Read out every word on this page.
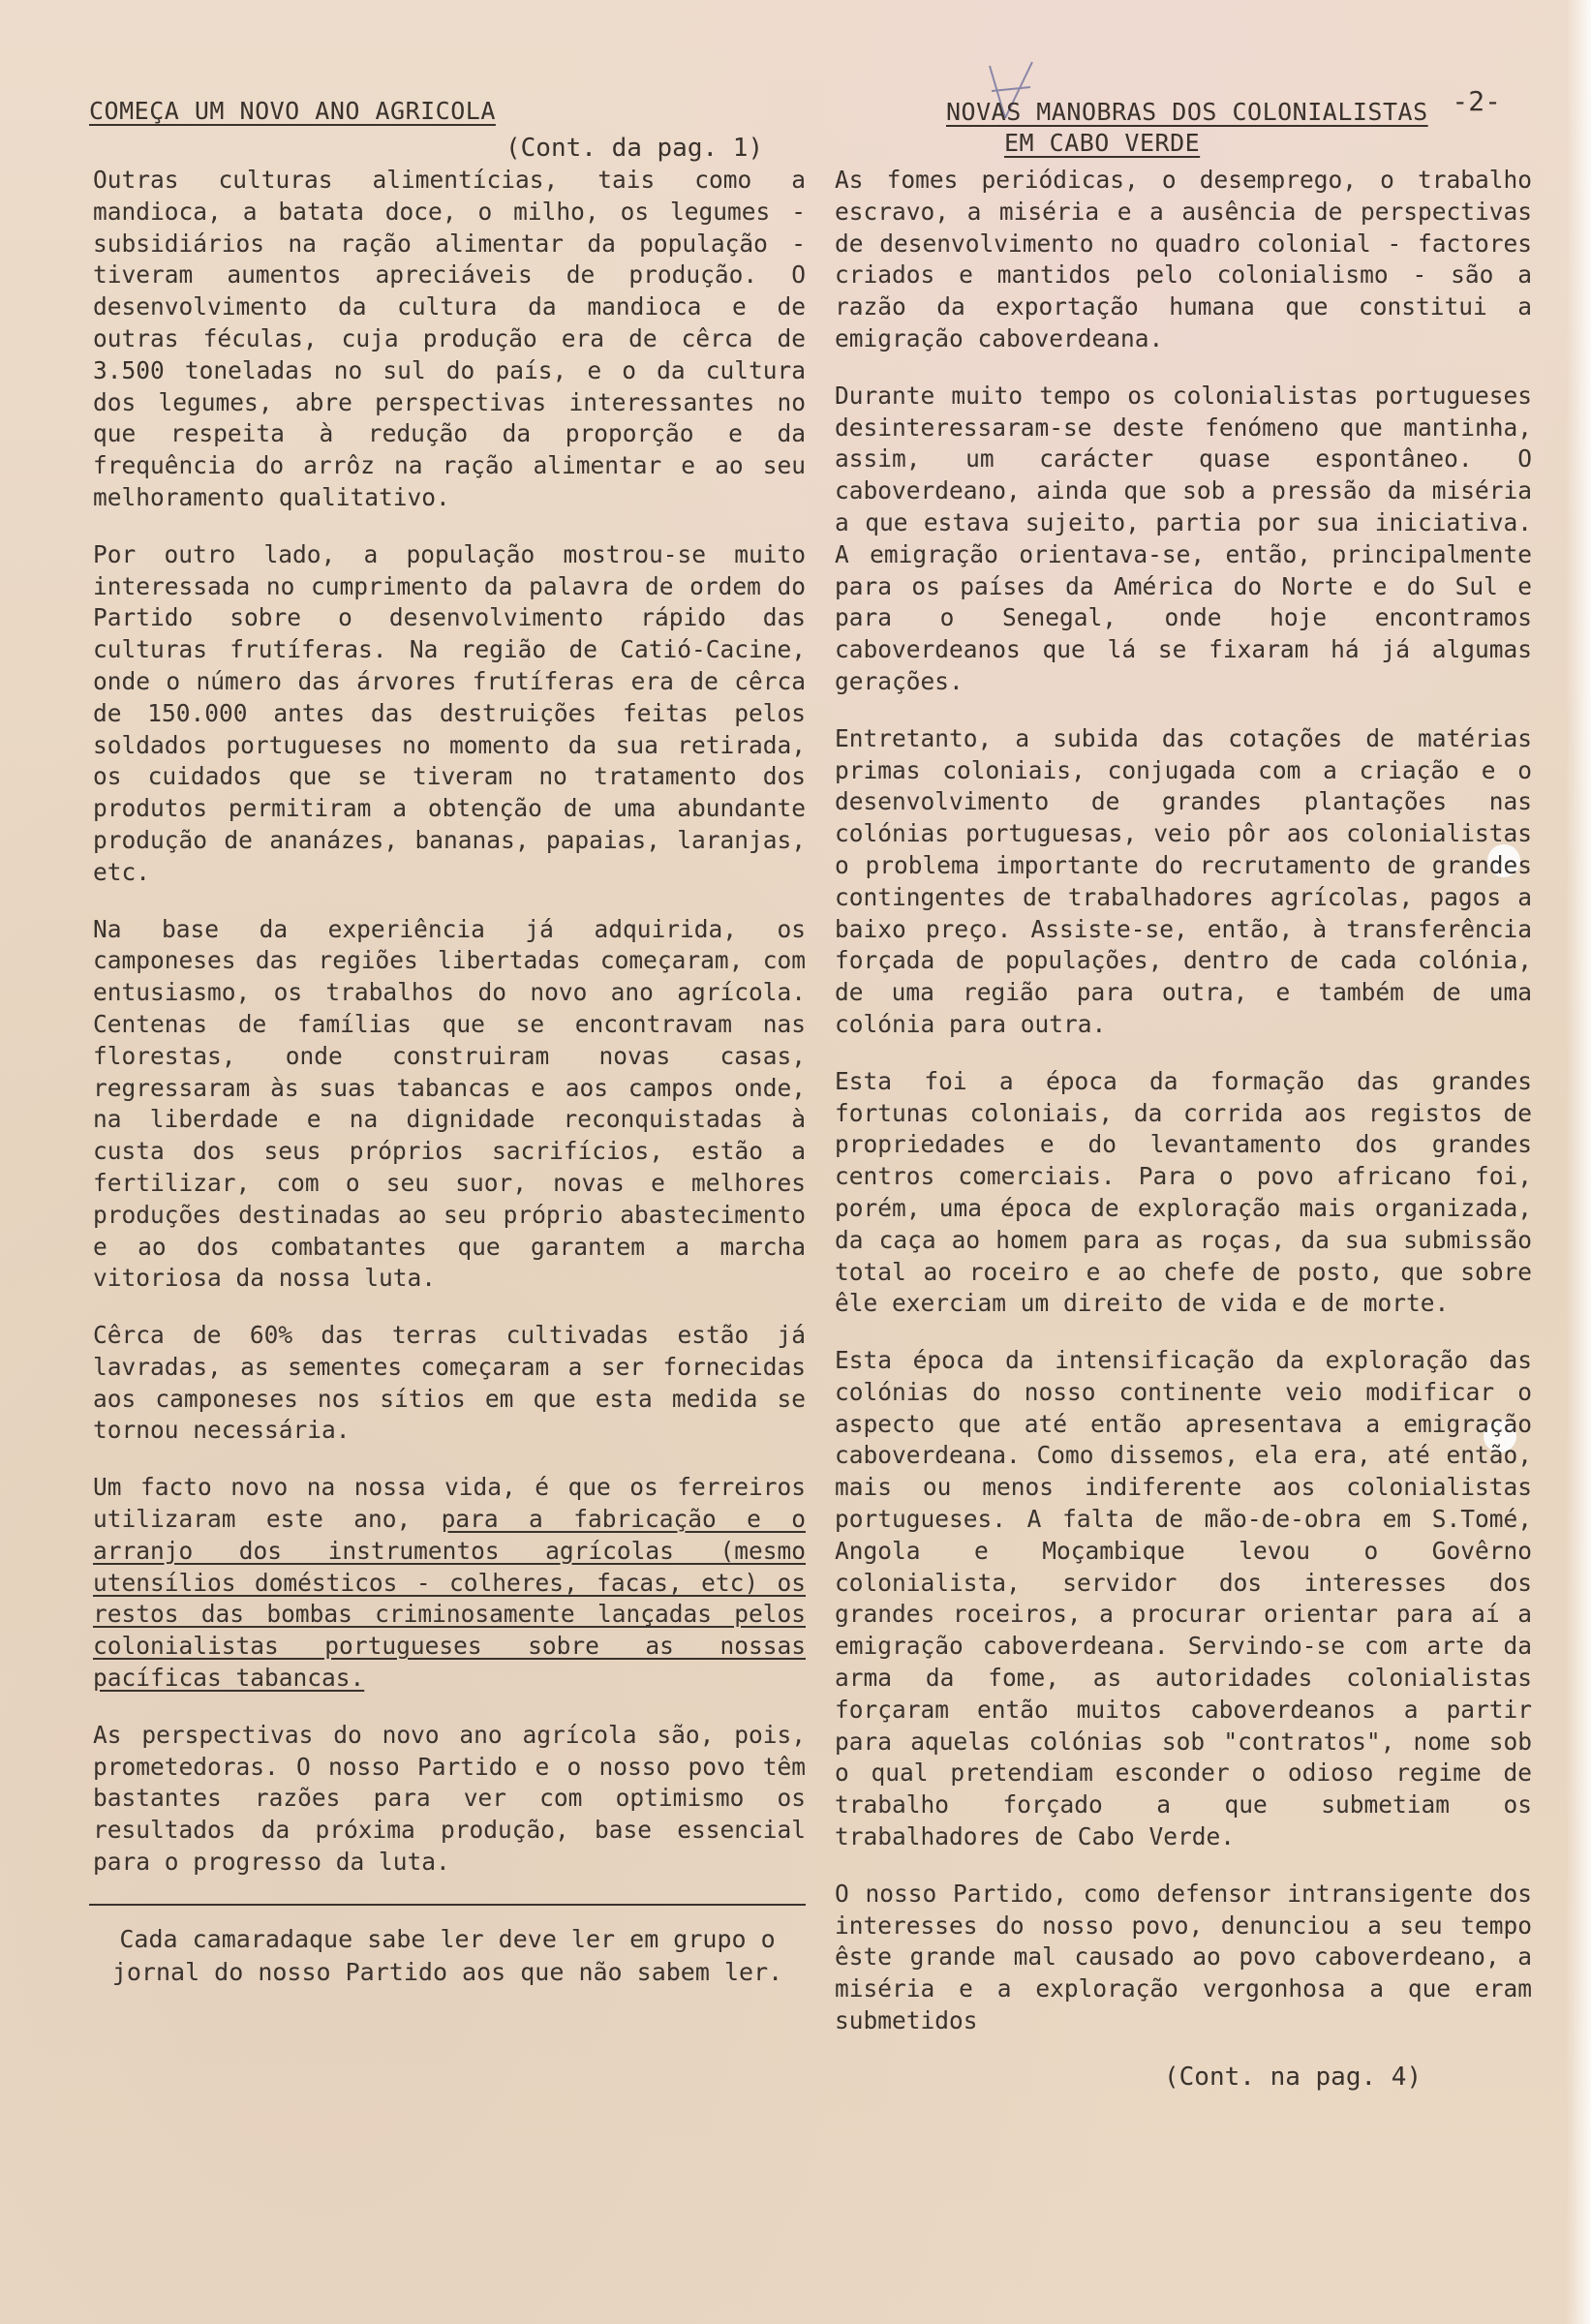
COMEÇA UM NOVO ANO AGRICOLA
(Cont. da pag. 1)

Outras culturas alimentícias, tais como a mandioca, a batata doce, o milho, os legumes - subsidiários na ração alimentar da população - tiveram aumentos apreciáveis de produção. O desenvolvimento da cultura da mandioca e de outras féculas, cuja produção era de cêrca de 3.500 toneladas no sul do país, e o da cultura dos legumes, abre perspectivas interessantes no que respeita à redução da proporção e da frequência do arrôz na ração alimentar e ao seu melhoramento qualitativo.

Por outro lado, a população mostrou-se muito interessada no cumprimento da palavra de ordem do Partido sobre o desenvolvimento rápido das culturas frutíferas. Na região de Catió-Cacine, onde o número das árvores frutíferas era de cêrca de 150.000 antes das destruições feitas pelos soldados portugueses no momento da sua retirada, os cuidados que se tiveram no tratamento dos produtos permitiram a obtenção de uma abundante produção de ananázes, bananas, papaias, laranjas, etc.

Na base da experiência já adquirida, os camponeses das regiões libertadas começaram, com entusiasmo, os trabalhos do novo ano agrícola. Centenas de famílias que se encontravam nas florestas, onde construiram novas casas, regressaram às suas tabancas e aos campos onde, na liberdade e na dignidade reconquistadas à custa dos seus próprios sacrifícios, estão a fertilizar, com o seu suor, novas e melhores produções destinadas ao seu próprio abastecimento e ao dos combatantes que garantem a marcha vitoriosa da nossa luta.

Cêrca de 60% das terras cultivadas estão já lavradas, as sementes começaram a ser fornecidas aos camponeses nos sítios em que esta medida se tornou necessária.

Um facto novo na nossa vida, é que os ferreiros utilizaram este ano, para a fabricação e o arranjo dos instrumentos agrícolas (mesmo utensílios domésticos - colheres, facas, etc) os restos das bombas criminosamente lançadas pelos colonialistas portugueses sobre as nossas pacíficas tabancas.

As perspectivas do novo ano agrícola são, pois, prometedoras. O nosso Partido e o nosso povo têm bastantes razões para ver com optimismo os resultados da próxima produção, base essencial para o progresso da luta.

Cada camaradaque sabe ler deve ler em grupo o jornal do nosso Partido aos que não sabem ler.

-2-
NOVAS MANOBRAS DOS COLONIALISTAS
EM CABO VERDE

As fomes periódicas, o desemprego, o trabalho escravo, a miséria e a ausência de perspectivas de desenvolvimento no quadro colonial - factores criados e mantidos pelo colonialismo - são a razão da exportação humana que constitui a emigração caboverdeana.

Durante muito tempo os colonialistas portugueses desinteressaram-se deste fenómeno que mantinha, assim, um carácter quase espontâneo. O caboverdeano, ainda que sob a pressão da miséria a que estava sujeito, partia por sua iniciativa. A emigração orientava-se, então, principalmente para os países da América do Norte e do Sul e para o Senegal, onde hoje encontramos caboverdeanos que lá se fixaram há já algumas gerações.

Entretanto, a subida das cotações de matérias primas coloniais, conjugada com a criação e o desenvolvimento de grandes plantações nas colónias portuguesas, veio pôr aos colonialistas o problema importante do recrutamento de grandes contingentes de trabalhadores agrícolas, pagos a baixo preço. Assiste-se, então, à transferência forçada de populações, dentro de cada colónia, de uma região para outra, e também de uma colónia para outra.

Esta foi a época da formação das grandes fortunas coloniais, da corrida aos registos de propriedades e do levantamento dos grandes centros comerciais. Para o povo africano foi, porém, uma época de exploração mais organizada, da caça ao homem para as roças, da sua submissão total ao roceiro e ao chefe de posto, que sobre êle exerciam um direito de vida e de morte.

Esta época da intensificação da exploração das colónias do nosso continente veio modificar o aspecto que até então apresentava a emigração caboverdeana. Como dissemos, ela era, até então, mais ou menos indiferente aos colonialistas portugueses. A falta de mão-de-obra em S.Tomé, Angola e Moçambique levou o Govêrno colonialista, servidor dos interesses dos grandes roceiros, a procurar orientar para aí a emigração caboverdeana. Servindo-se com arte da arma da fome, as autoridades colonialistas forçaram então muitos caboverdeanos a partir para aquelas colónias sob "contratos", nome sob o qual pretendiam esconder o odioso regime de trabalho forçado a que submetiam os trabalhadores de Cabo Verde.

O nosso Partido, como defensor intransigente dos interesses do nosso povo, denunciou a seu tempo êste grande mal causado ao povo caboverdeano, a miséria e a exploração vergonhosa a que eram submetidos

(Cont. na pag. 4)
